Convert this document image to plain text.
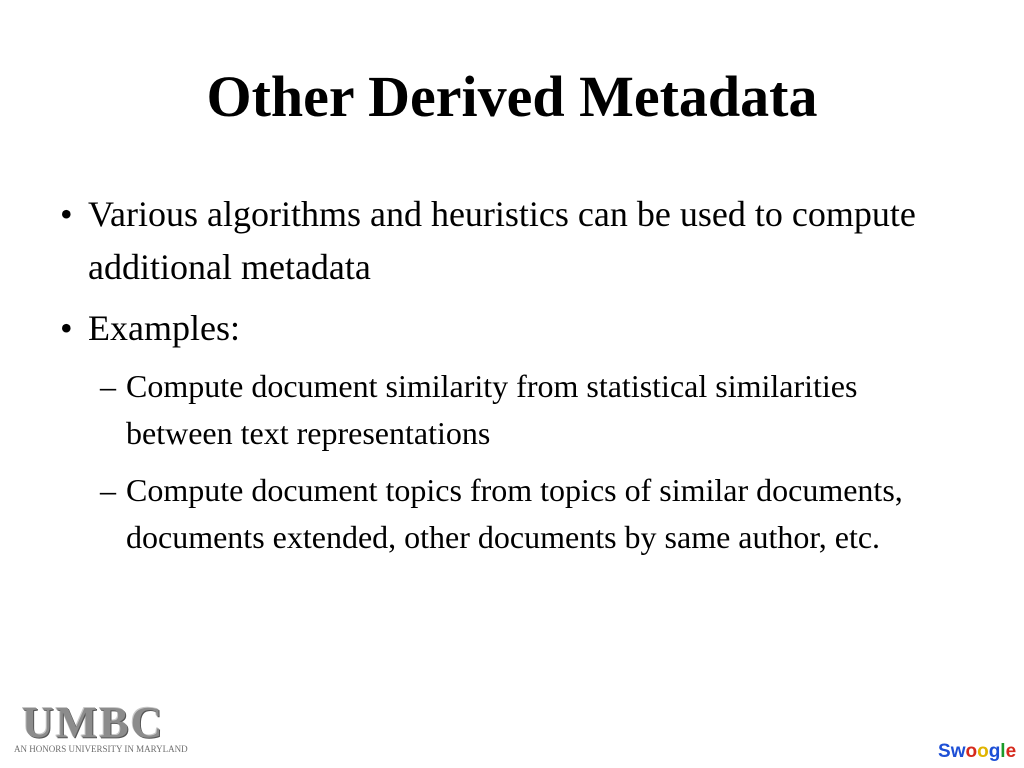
Other Derived Metadata
• Various algorithms and heuristics can be used to compute additional metadata
• Examples:
– Compute document similarity from statistical similarities between text representations
– Compute document topics from topics of similar documents, documents extended, other documents by same author, etc.
UMBC
AN HONORS UNIVERSITY IN MARYLAND	Swoogle
